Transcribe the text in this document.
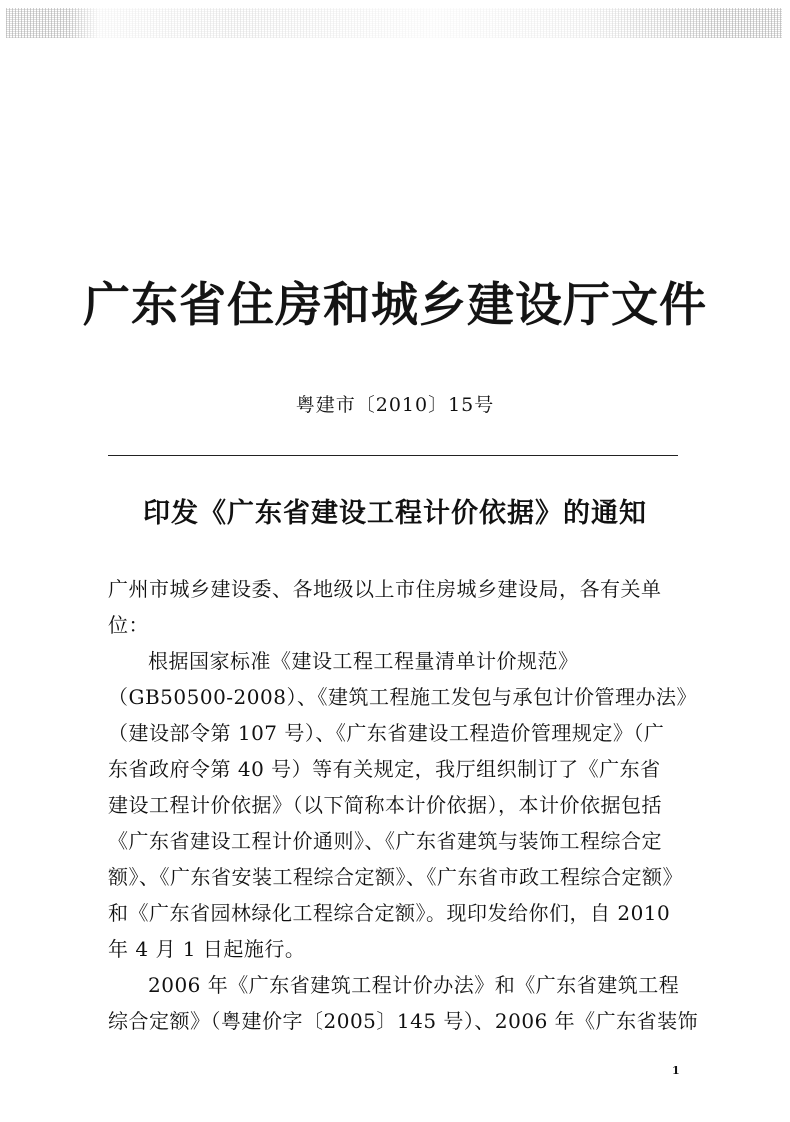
广东省住房和城乡建设厅文件
粤建市〔2010〕15号
印发《广东省建设工程计价依据》的通知
广州市城乡建设委、各地级以上市住房城乡建设局，各有关单
位：
根据国家标准《建设工程工程量清单计价规范》
（GB50500-2008）、《建筑工程施工发包与承包计价管理办法》
（建设部令第 107 号）、《广东省建设工程造价管理规定》（广
东省政府令第 40 号）等有关规定，我厅组织制订了《广东省
建设工程计价依据》（以下简称本计价依据），本计价依据包括
《广东省建设工程计价通则》、《广东省建筑与装饰工程综合定
额》、《广东省安装工程综合定额》、《广东省市政工程综合定额》
和《广东省园林绿化工程综合定额》。现印发给你们，自 2010
年 4 月 1 日起施行。
2006 年《广东省建筑工程计价办法》和《广东省建筑工程
综合定额》（粤建价字〔2005〕145 号）、2006 年《广东省装饰
1
